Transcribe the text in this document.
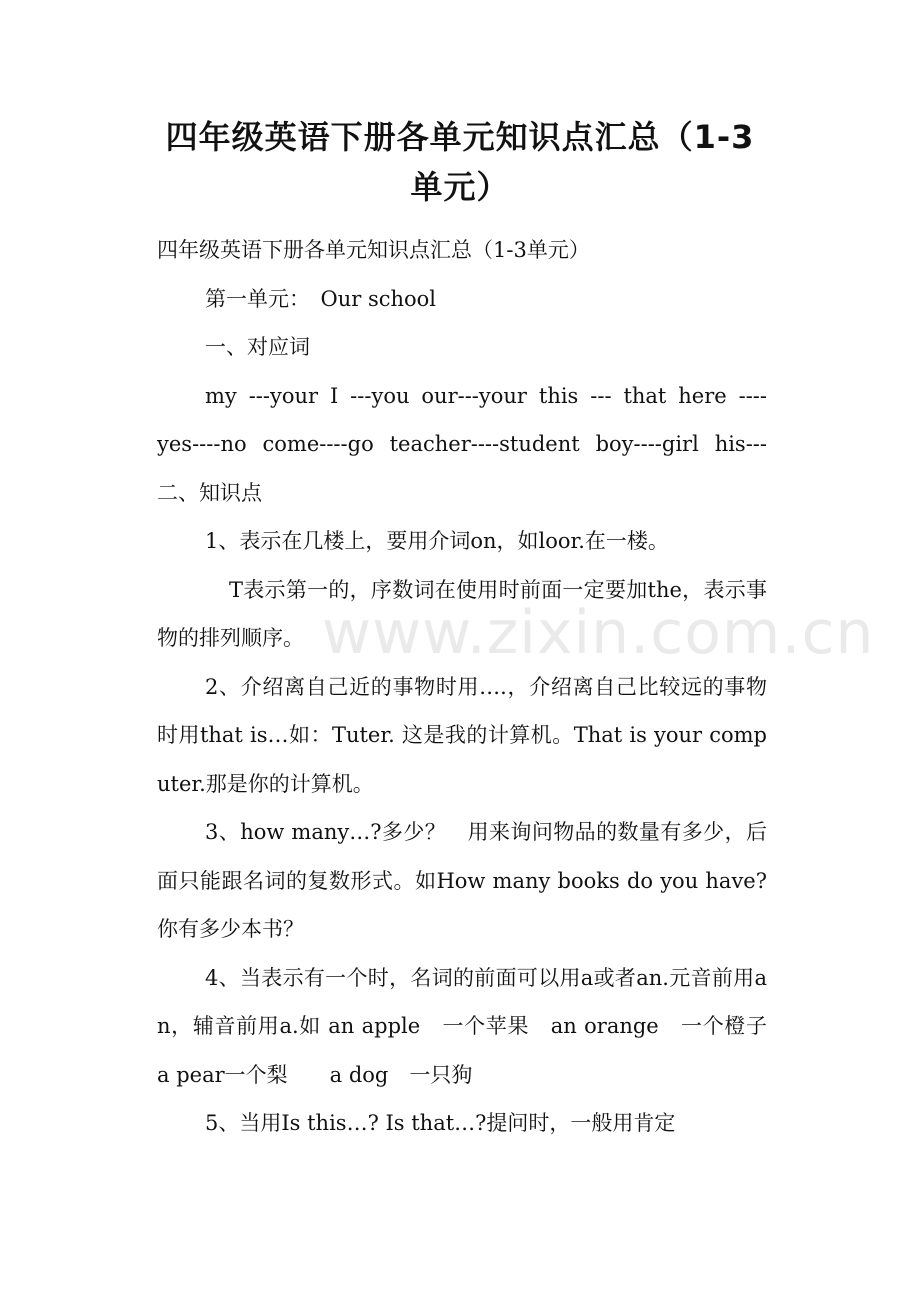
四年级英语下册各单元知识点汇总（1-3单元）

四年级英语下册各单元知识点汇总（1-3单元）

第一单元：　Our school

一、对应词

my ---your I ---you our---your this --- that here ----　　 yes----no come----go teacher----student boy----girl his---二、知识点

1、表示在几楼上，要用介词on，如loor.在一楼。

T表示第一的，序数词在使用时前面一定要加the，表示事物的排列顺序。

2、介绍离自己近的事物时用….，介绍离自己比较远的事物时用that is…如：Tuter. 这是我的计算机。That is your computer.那是你的计算机。

3、how many…?多少？　用来询问物品的数量有多少，后面只能跟名词的复数形式。如How many books do you have?你有多少本书？

4、当表示有一个时，名词的前面可以用a或者an.元音前用an，辅音前用a.如 an apple　一个苹果　an orange　一个橙子　　a pear一个梨　　a dog　一只狗

5、当用Is this…? Is that…?提问时，一般用肯定

www.zixin.com.cn
